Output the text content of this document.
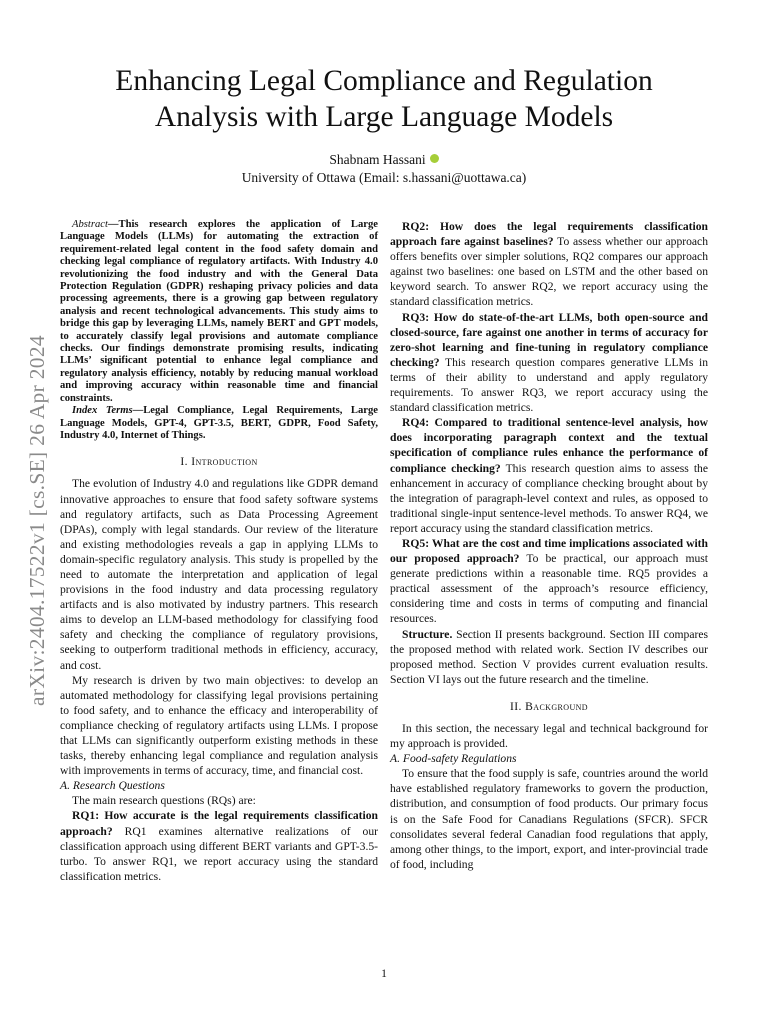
arXiv:2404.17522v1 [cs.SE] 26 Apr 2024
Enhancing Legal Compliance and Regulation
Analysis with Large Language Models
Shabnam Hassani
University of Ottawa (Email: s.hassani@uottawa.ca)

Abstract—This research explores the application of Large Language Models (LLMs) for automating the extraction of requirement-related legal content in the food safety domain and checking legal compliance of regulatory artifacts. With Industry 4.0 revolutionizing the food industry and with the General Data Protection Regulation (GDPR) reshaping privacy policies and data processing agreements, there is a growing gap between regulatory analysis and recent technological advancements. This study aims to bridge this gap by leveraging LLMs, namely BERT and GPT models, to accurately classify legal provisions and automate compliance checks. Our findings demonstrate promising results, indicating LLMs’ significant potential to enhance legal compliance and regulatory analysis efficiency, notably by reducing manual workload and improving accuracy within reasonable time and financial constraints.

Index Terms—Legal Compliance, Legal Requirements, Large Language Models, GPT-4, GPT-3.5, BERT, GDPR, Food Safety, Industry 4.0, Internet of Things.

I. Introduction

The evolution of Industry 4.0 and regulations like GDPR demand innovative approaches to ensure that food safety software systems and regulatory artifacts, such as Data Processing Agreement (DPAs), comply with legal standards. Our review of the literature and existing methodologies reveals a gap in applying LLMs to domain-specific regulatory analysis. This study is propelled by the need to automate the interpretation and application of legal provisions in the food industry and data processing regulatory artifacts and is also motivated by industry partners. This research aims to develop an LLM-based methodology for classifying food safety and checking the compliance of regulatory provisions, seeking to outperform traditional methods in efficiency, accuracy, and cost.

My research is driven by two main objectives: to develop an automated methodology for classifying legal provisions pertaining to food safety, and to enhance the efficacy and interoperability of compliance checking of regulatory artifacts using LLMs. I propose that LLMs can significantly outperform existing methods in these tasks, thereby enhancing legal compliance and regulation analysis with improvements in terms of accuracy, time, and financial cost.

A. Research Questions

The main research questions (RQs) are:

RQ1: How accurate is the legal requirements classification approach? RQ1 examines alternative realizations of our classification approach using different BERT variants and GPT-3.5-turbo. To answer RQ1, we report accuracy using the standard classification metrics.

RQ2: How does the legal requirements classification approach fare against baselines? To assess whether our approach offers benefits over simpler solutions, RQ2 compares our approach against two baselines: one based on LSTM and the other based on keyword search. To answer RQ2, we report accuracy using the standard classification metrics.

RQ3: How do state-of-the-art LLMs, both open-source and closed-source, fare against one another in terms of accuracy for zero-shot learning and fine-tuning in regulatory compliance checking? This research question compares generative LLMs in terms of their ability to understand and apply regulatory requirements. To answer RQ3, we report accuracy using the standard classification metrics.

RQ4: Compared to traditional sentence-level analysis, how does incorporating paragraph context and the textual specification of compliance rules enhance the performance of compliance checking? This research question aims to assess the enhancement in accuracy of compliance checking brought about by the integration of paragraph-level context and rules, as opposed to traditional single-input sentence-level methods. To answer RQ4, we report accuracy using the standard classification metrics.

RQ5: What are the cost and time implications associated with our proposed approach? To be practical, our approach must generate predictions within a reasonable time. RQ5 provides a practical assessment of the approach’s resource efficiency, considering time and costs in terms of computing and financial resources.

Structure. Section II presents background. Section III compares the proposed method with related work. Section IV describes our proposed method. Section V provides current evaluation results. Section VI lays out the future research and the timeline.

II. Background

In this section, the necessary legal and technical background for my approach is provided.

A. Food-safety Regulations

To ensure that the food supply is safe, countries around the world have established regulatory frameworks to govern the production, distribution, and consumption of food products. Our primary focus is on the Safe Food for Canadians Regulations (SFCR). SFCR consolidates several federal Canadian food regulations that apply, among other things, to the import, export, and inter-provincial trade of food, including

1
